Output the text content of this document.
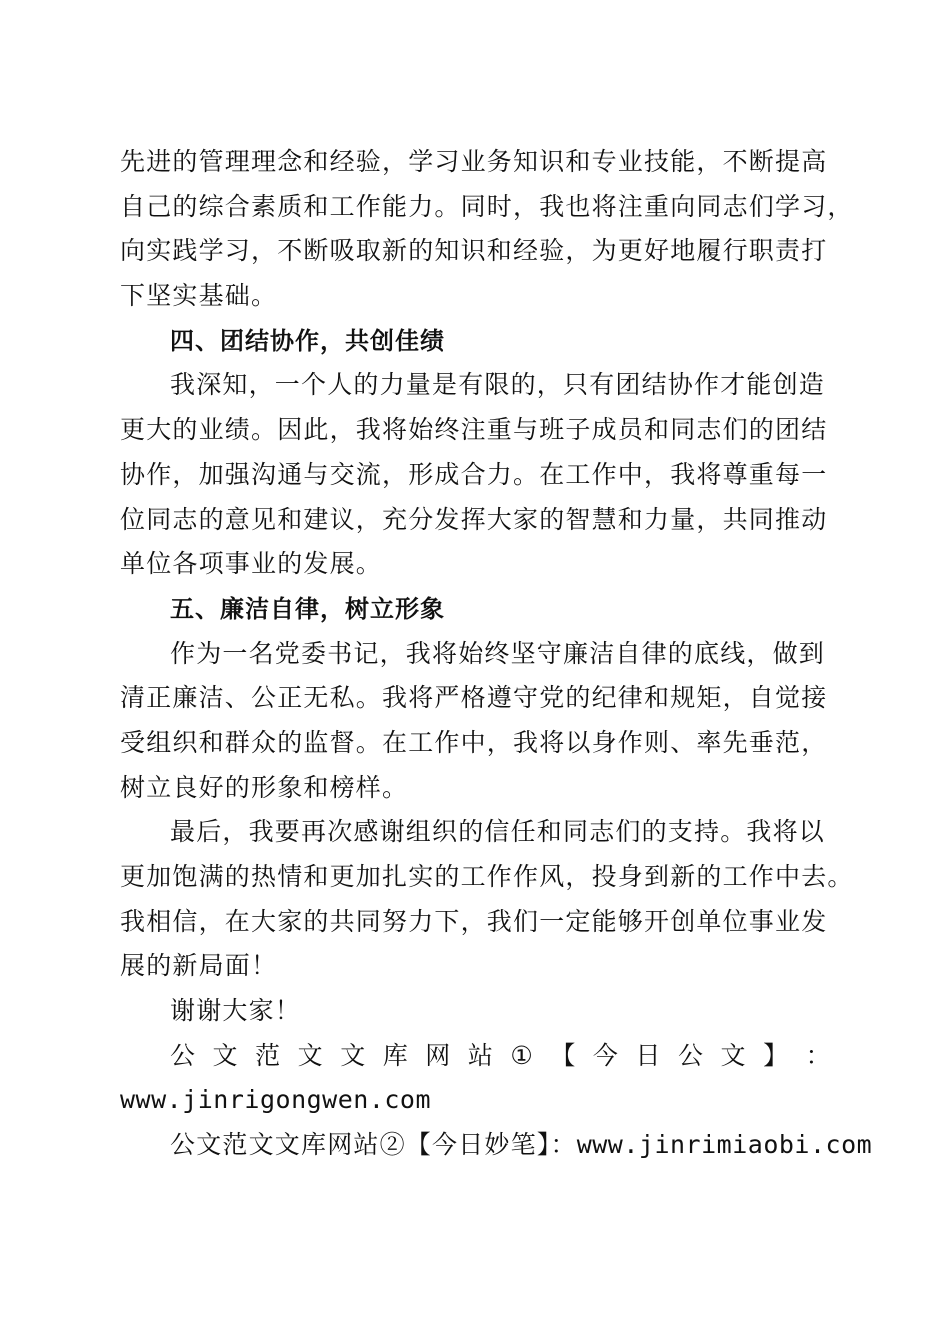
先进的管理理念和经验，学习业务知识和专业技能，不断提高
自己的综合素质和工作能力。同时，我也将注重向同志们学习，
向实践学习，不断吸取新的知识和经验，为更好地履行职责打
下坚实基础。
四、团结协作，共创佳绩
我深知，一个人的力量是有限的，只有团结协作才能创造
更大的业绩。因此，我将始终注重与班子成员和同志们的团结
协作，加强沟通与交流，形成合力。在工作中，我将尊重每一
位同志的意见和建议，充分发挥大家的智慧和力量，共同推动
单位各项事业的发展。
五、廉洁自律，树立形象
作为一名党委书记，我将始终坚守廉洁自律的底线，做到
清正廉洁、公正无私。我将严格遵守党的纪律和规矩，自觉接
受组织和群众的监督。在工作中，我将以身作则、率先垂范，
树立良好的形象和榜样。
最后，我要再次感谢组织的信任和同志们的支持。我将以
更加饱满的热情和更加扎实的工作作风，投身到新的工作中去。
我相信，在大家的共同努力下，我们一定能够开创单位事业发
展的新局面！
谢谢大家！
公 文 范 文 文 库 网 站 ① 【 今 日 公 文 】 ：
www.jinrigongwen.com
公文范文文库网站②【今日妙笔】：www.jinrimiaobi.com
